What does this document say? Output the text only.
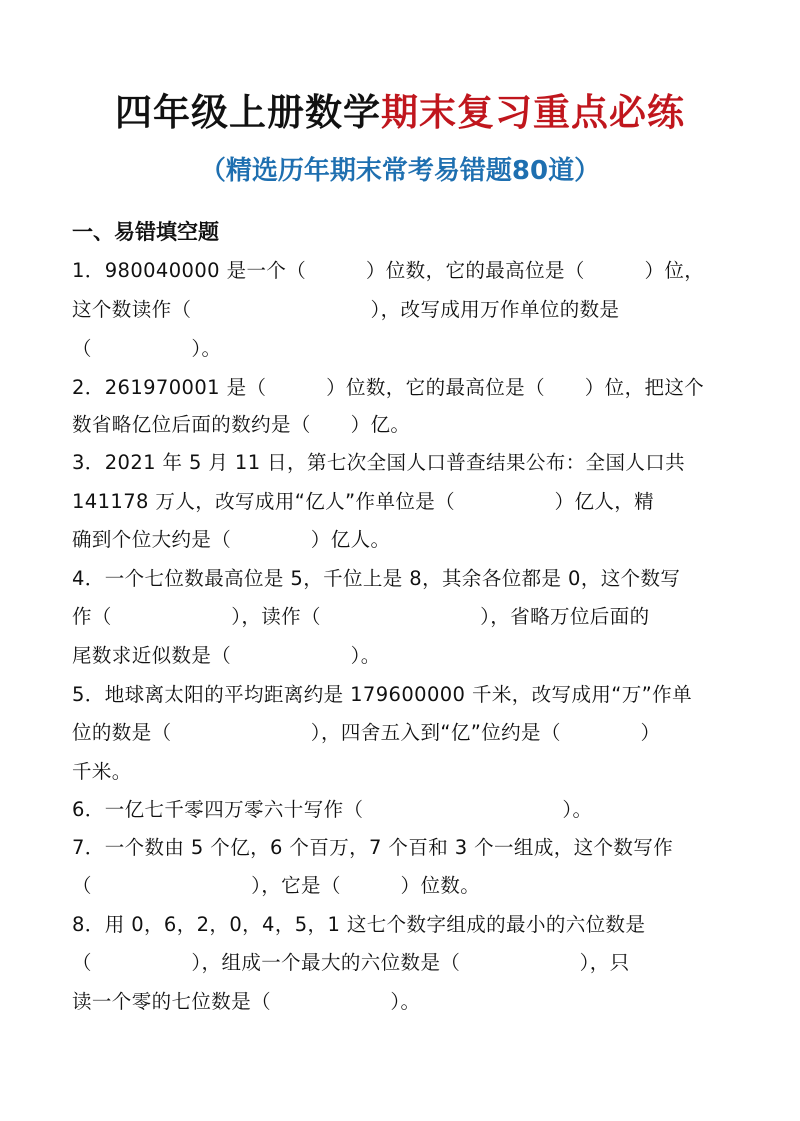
四年级上册数学期末复习重点必练
（精选历年期末常考易错题80道）
一、易错填空题
1．980040000 是一个（　　　）位数，它的最高位是（　　　）位，
这个数读作（　　　　　　　　　），改写成用万作单位的数是
（　　　　　）。
2．261970001 是（　　　）位数，它的最高位是（　　）位，把这个
数省略亿位后面的数约是（　　）亿。
3．2021 年 5 月 11 日，第七次全国人口普查结果公布：全国人口共
141178 万人，改写成用“亿人”作单位是（　　　　　）亿人，精
确到个位大约是（　　　　）亿人。
4．一个七位数最高位是 5，千位上是 8，其余各位都是 0，这个数写
作（　　　　　　），读作（　　　　　　　　），省略万位后面的
尾数求近似数是（　　　　　　）。
5．地球离太阳的平均距离约是 179600000 千米，改写成用“万”作单
位的数是（　　　　　　　），四舍五入到“亿”位约是（　　　　）
千米。
6．一亿七千零四万零六十写作（　　　　　　　　　　）。
7．一个数由 5 个亿，6 个百万，7 个百和 3 个一组成，这个数写作
（　　　　　　　　），它是（　　　）位数。
8．用 0，6，2，0，4，5，1 这七个数字组成的最小的六位数是
（　　　　　），组成一个最大的六位数是（　　　　　　），只
读一个零的七位数是（　　　　　　）。
